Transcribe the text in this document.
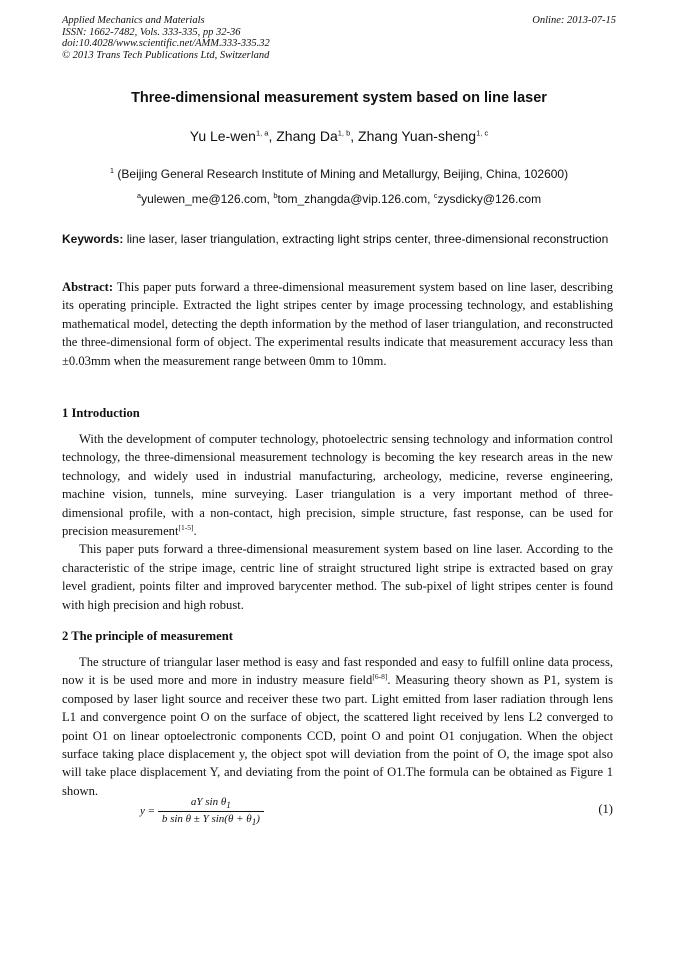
Applied Mechanics and Materials
ISSN: 1662-7482, Vols. 333-335, pp 32-36
doi:10.4028/www.scientific.net/AMM.333-335.32
© 2013 Trans Tech Publications Ltd, Switzerland
Online: 2013-07-15
Three-dimensional measurement system based on line laser
Yu Le-wen$^{1, a}$, Zhang Da$^{1, b}$, Zhang Yuan-sheng$^{1, c}$
$^1$ (Beijing General Research Institute of Mining and Metallurgy, Beijing, China, 102600)
$^a$yulewen_me@126.com, $^b$tom_zhangda@vip.126.com, $^c$zysdicky@126.com
Keywords: line laser, laser triangulation, extracting light strips center, three-dimensional reconstruction
Abstract: This paper puts forward a three-dimensional measurement system based on line laser, describing its operating principle. Extracted the light stripes center by image processing technology, and establishing mathematical model, detecting the depth information by the method of laser triangulation, and reconstructed the three-dimensional form of object. The experimental results indicate that measurement accuracy less than ±0.03mm when the measurement range between 0mm to 10mm.
1 Introduction

With the development of computer technology, photoelectric sensing technology and information control technology, the three-dimensional measurement technology is becoming the key research areas in the new technology, and widely used in industrial manufacturing, archeology, medicine, reverse engineering, machine vision, tunnels, mine surveying. Laser triangulation is a very important method of three-dimensional profile, with a non-contact, high precision, simple structure, fast response, can be used for precision measurement[1-5].

This paper puts forward a three-dimensional measurement system based on line laser. According to the characteristic of the stripe image, centric line of straight structured light stripe is extracted based on gray level gradient, points filter and improved barycenter method. The sub-pixel of light stripes center is found with high precision and high robust.

2 The principle of measurement

The structure of triangular laser method is easy and fast responded and easy to fulfill online data process, now it is be used more and more in industry measure field[6-8]. Measuring theory shown as P1, system is composed by laser light source and receiver these two part. Light emitted from laser radiation through lens L1 and convergence point O on the surface of object, the scattered light received by lens L2 converged to point O1 on linear optoelectronic components CCD, point O and point O1 conjugation. When the object surface taking place displacement y, the object spot will deviation from the point of O, the image spot also will take place displacement Y, and deviating from the point of O1.The formula can be obtained as Figure 1 shown.

$y = \frac{aY \sin \theta_1}{b \sin \theta \pm Y \sin(\theta + \theta_1)}$	(1)
